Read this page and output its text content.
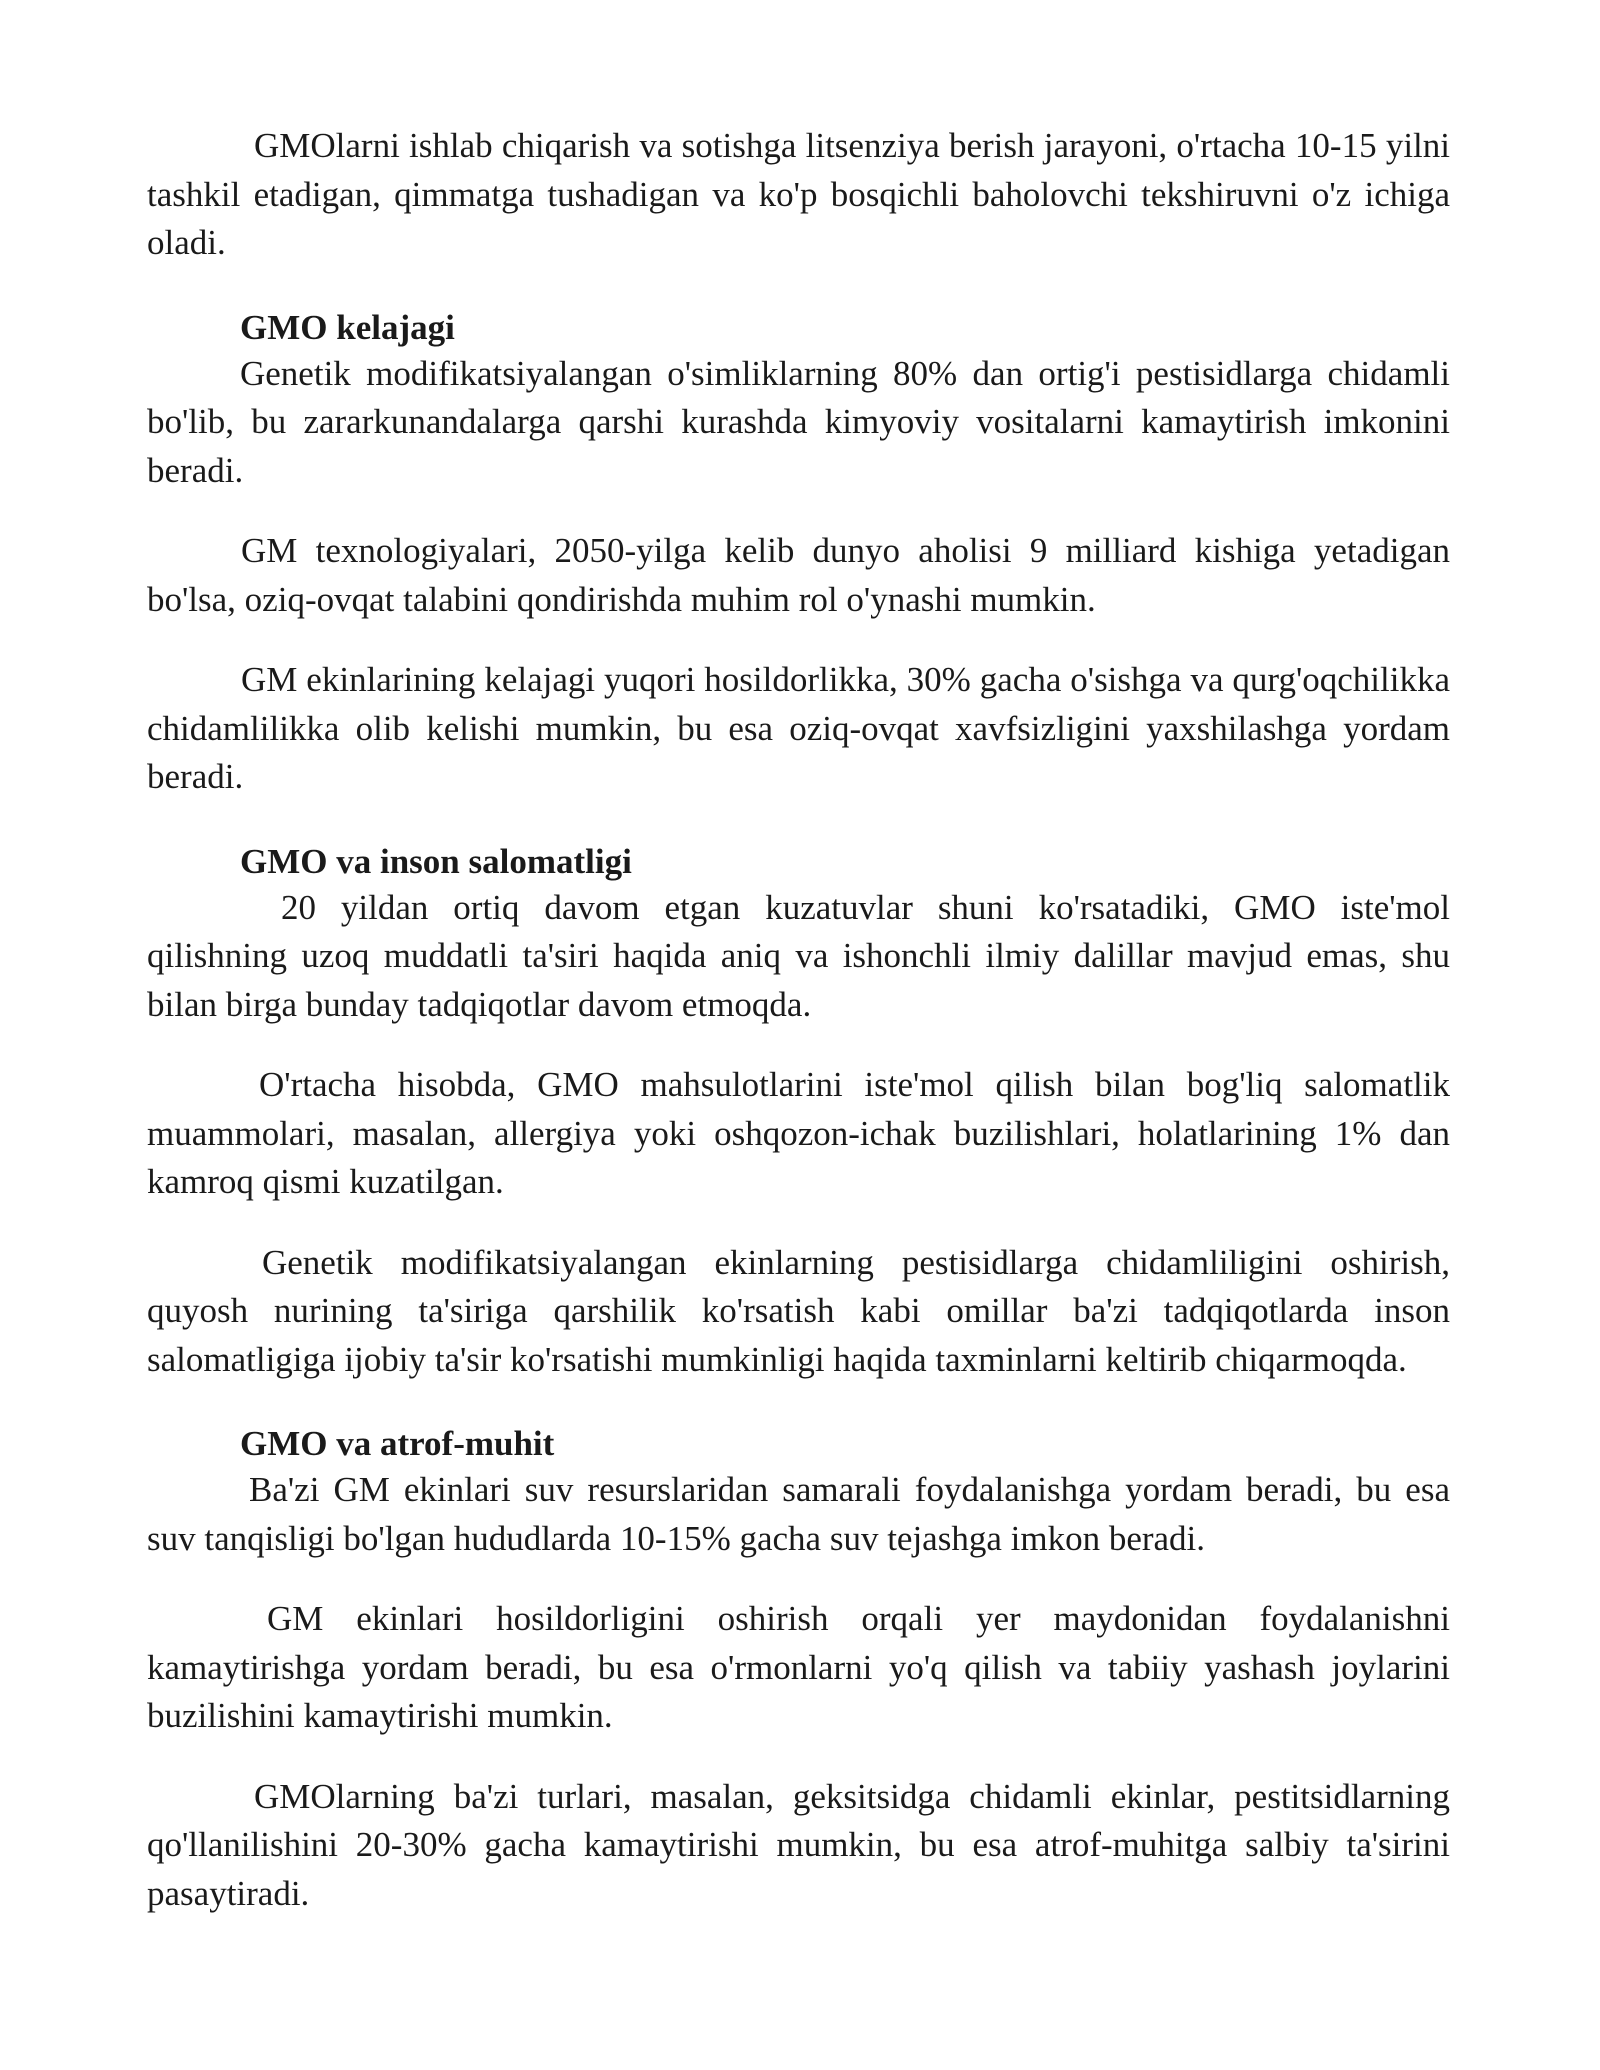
GMOlarni ishlab chiqarish va sotishga litsenziya berish jarayoni, o'rtacha 10-15 yilni tashkil etadigan, qimmatga tushadigan va ko'p bosqichli baholovchi tekshiruvni o'z ichiga oladi.

GMO kelajagi

Genetik modifikatsiyalangan o'simliklarning 80% dan ortig'i pestisidlarga chidamli bo'lib, bu zararkunandalarga qarshi kurashda kimyoviy vositalarni kamaytirish imkonini beradi.

GM texnologiyalari, 2050-yilga kelib dunyo aholisi 9 milliard kishiga yetadigan bo'lsa, oziq-ovqat talabini qondirishda muhim rol o'ynashi mumkin.

GM ekinlarining kelajagi yuqori hosildorlikka, 30% gacha o'sishga va qurg'oqchilikka chidamlilikka olib kelishi mumkin, bu esa oziq-ovqat xavfsizligini yaxshilashga yordam beradi.

GMO va inson salomatligi

20 yildan ortiq davom etgan kuzatuvlar shuni ko'rsatadiki, GMO iste'mol qilishning uzoq muddatli ta'siri haqida aniq va ishonchli ilmiy dalillar mavjud emas, shu bilan birga bunday tadqiqotlar davom etmoqda.

O'rtacha hisobda, GMO mahsulotlarini iste'mol qilish bilan bog'liq salomatlik muammolari, masalan, allergiya yoki oshqozon-ichak buzilishlari, holatlarining 1% dan kamroq qismi kuzatilgan.

Genetik modifikatsiyalangan ekinlarning pestisidlarga chidamliligini oshirish, quyosh nurining ta'siriga qarshilik ko'rsatish kabi omillar ba'zi tadqiqotlarda inson salomatligiga ijobiy ta'sir ko'rsatishi mumkinligi haqida taxminlarni keltirib chiqarmoqda.

GMO va atrof-muhit

Ba'zi GM ekinlari suv resurslaridan samarali foydalanishga yordam beradi, bu esa suv tanqisligi bo'lgan hududlarda 10-15% gacha suv tejashga imkon beradi.

GM ekinlari hosildorligini oshirish orqali yer maydonidan foydalanishni kamaytirishga yordam beradi, bu esa o'rmonlarni yo'q qilish va tabiiy yashash joylarini buzilishini kamaytirishi mumkin.

GMOlarning ba'zi turlari, masalan, geksitsidga chidamli ekinlar, pestitsidlarning qo'llanilishini 20-30% gacha kamaytirishi mumkin, bu esa atrof-muhitga salbiy ta'sirini pasaytiradi.
